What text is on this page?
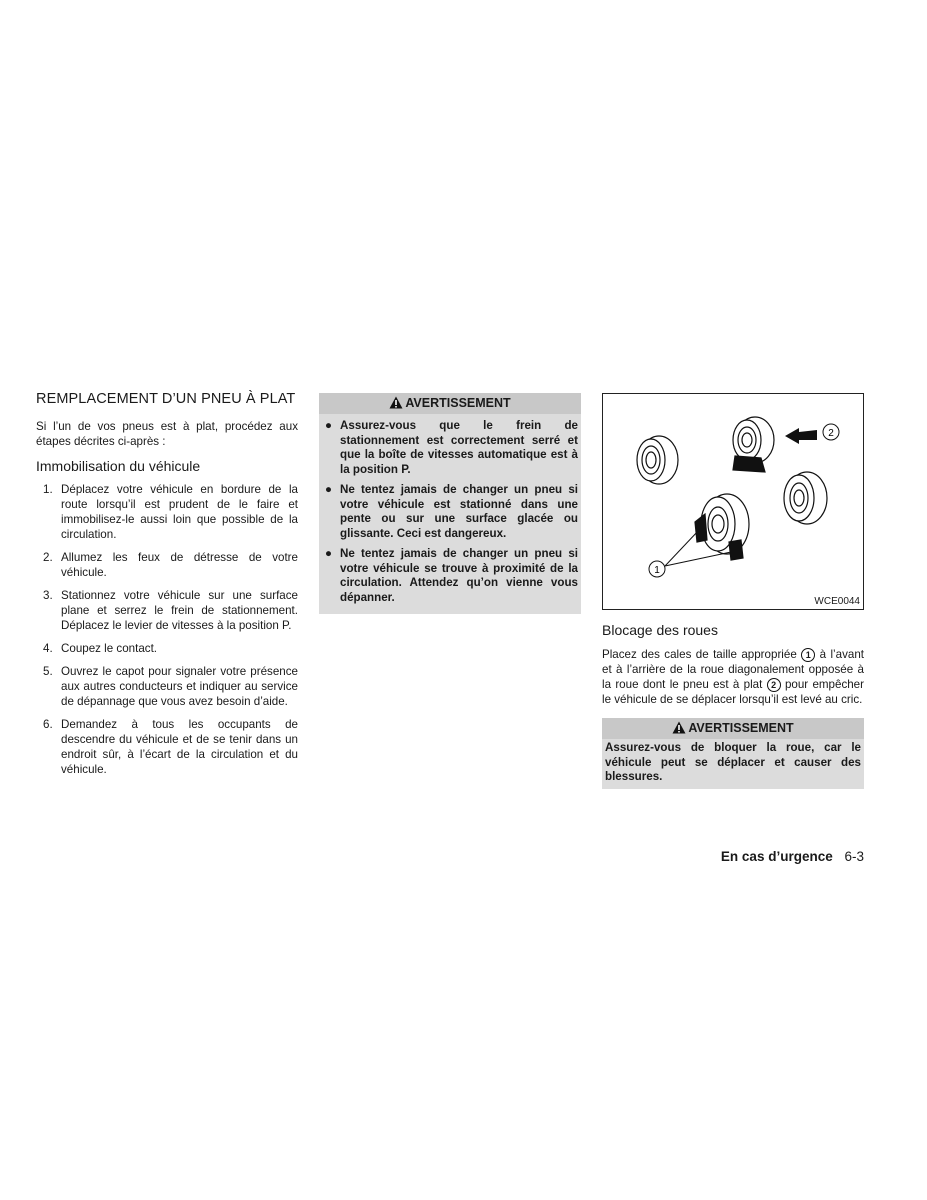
REMPLACEMENT D’UN PNEU À PLAT

Si l’un de vos pneus est à plat, procédez aux étapes décrites ci-après :

Immobilisation du véhicule
1. Déplacez votre véhicule en bordure de la route lorsqu’il est prudent de le faire et immobilisez-le aussi loin que possible de la circulation.
2. Allumez les feux de détresse de votre véhicule.
3. Stationnez votre véhicule sur une surface plane et serrez le frein de stationnement. Déplacez le levier de vitesses à la position P.
4. Coupez le contact.
5. Ouvrez le capot pour signaler votre présence aux autres conducteurs et indiquer au service de dépannage que vous avez besoin d’aide.
6. Demandez à tous les occupants de descendre du véhicule et de se tenir dans un endroit sûr, à l’écart de la circulation et du véhicule.
AVERTISSEMENT
● Assurez-vous que le frein de stationnement est correctement serré et que la boîte de vitesses automatique est à la position P.
● Ne tentez jamais de changer un pneu si votre véhicule est stationné dans une pente ou sur une surface glacée ou glissante. Ceci est dangereux.
● Ne tentez jamais de changer un pneu si votre véhicule se trouve à proximité de la circulation. Attendez qu’on vienne vous dépanner.
2
1
WCE0044
Blocage des roues

Placez des cales de taille appropriée 1 à l’avant et à l’arrière de la roue diagonalement opposée à la roue dont le pneu est à plat 2 pour empêcher le véhicule de se déplacer lorsqu’il est levé au cric.

AVERTISSEMENT
Assurez-vous de bloquer la roue, car le véhicule peut se déplacer et causer des blessures.
En cas d’urgence 6-3
